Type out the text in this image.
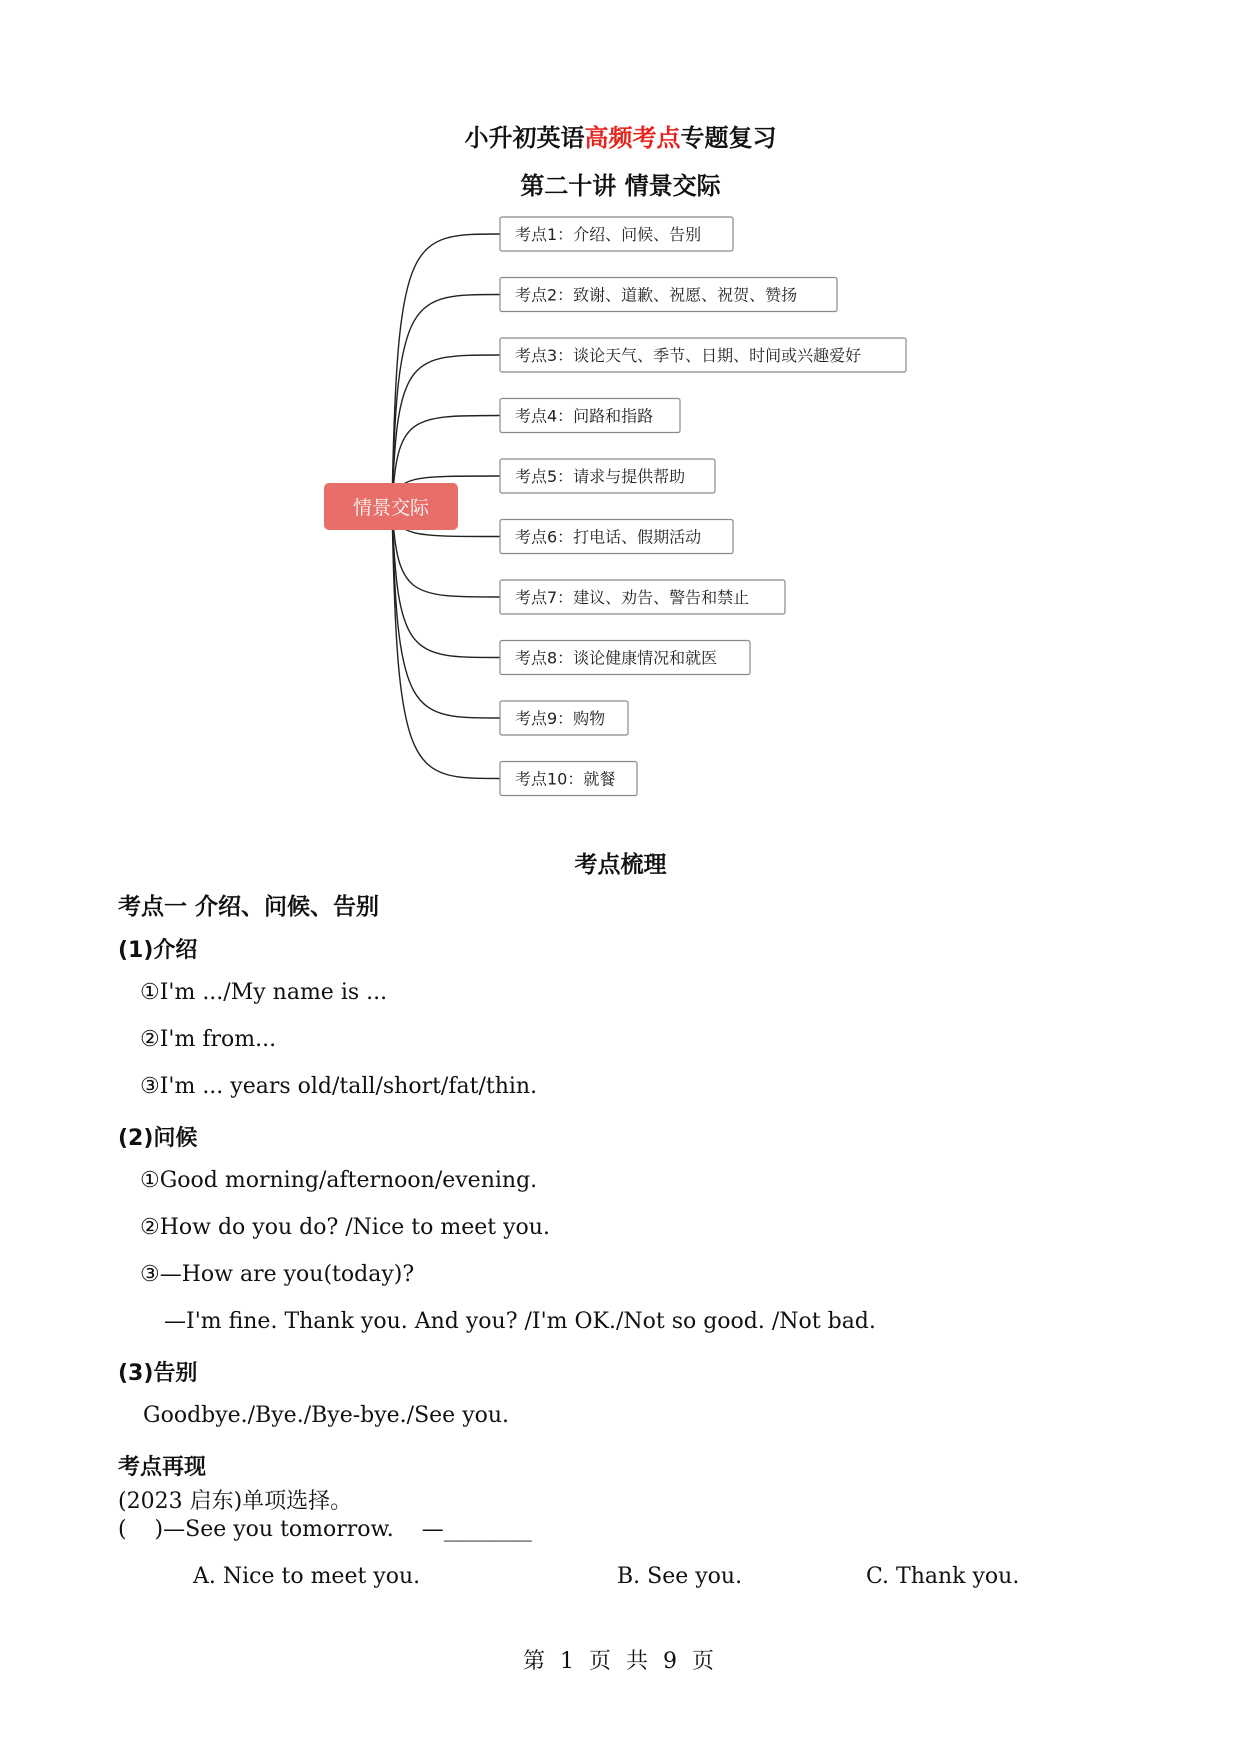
小升初英语高频考点专题复习
第二十讲 情景交际
考点1：介绍、问候、告别
考点2：致谢、道歉、祝愿、祝贺、赞扬
考点3：谈论天气、季节、日期、时间或兴趣爱好
考点4：问路和指路
考点5：请求与提供帮助
考点6：打电话、假期活动
考点7：建议、劝告、警告和禁止
考点8：谈论健康情况和就医
考点9：购物
考点10：就餐
情景交际
考点梳理
考点一 介绍、问候、告别
(1)介绍
①I'm .../My name is ...
②I'm from...
③I'm ... years old/tall/short/fat/thin.
(2)问候
①Good morning/afternoon/evening.
②How do you do? /Nice to meet you.
③—How are you(today)?
—I'm fine. Thank you. And you? /I'm OK./Not so good. /Not bad.
(3)告别
Goodbye./Bye./Bye-bye./See you.
考点再现
(2023 启东)单项选择。
(    )—See you tomorrow.    —________
A. Nice to meet you.	B. See you.	C. Thank you.
第 1 页 共 9 页
